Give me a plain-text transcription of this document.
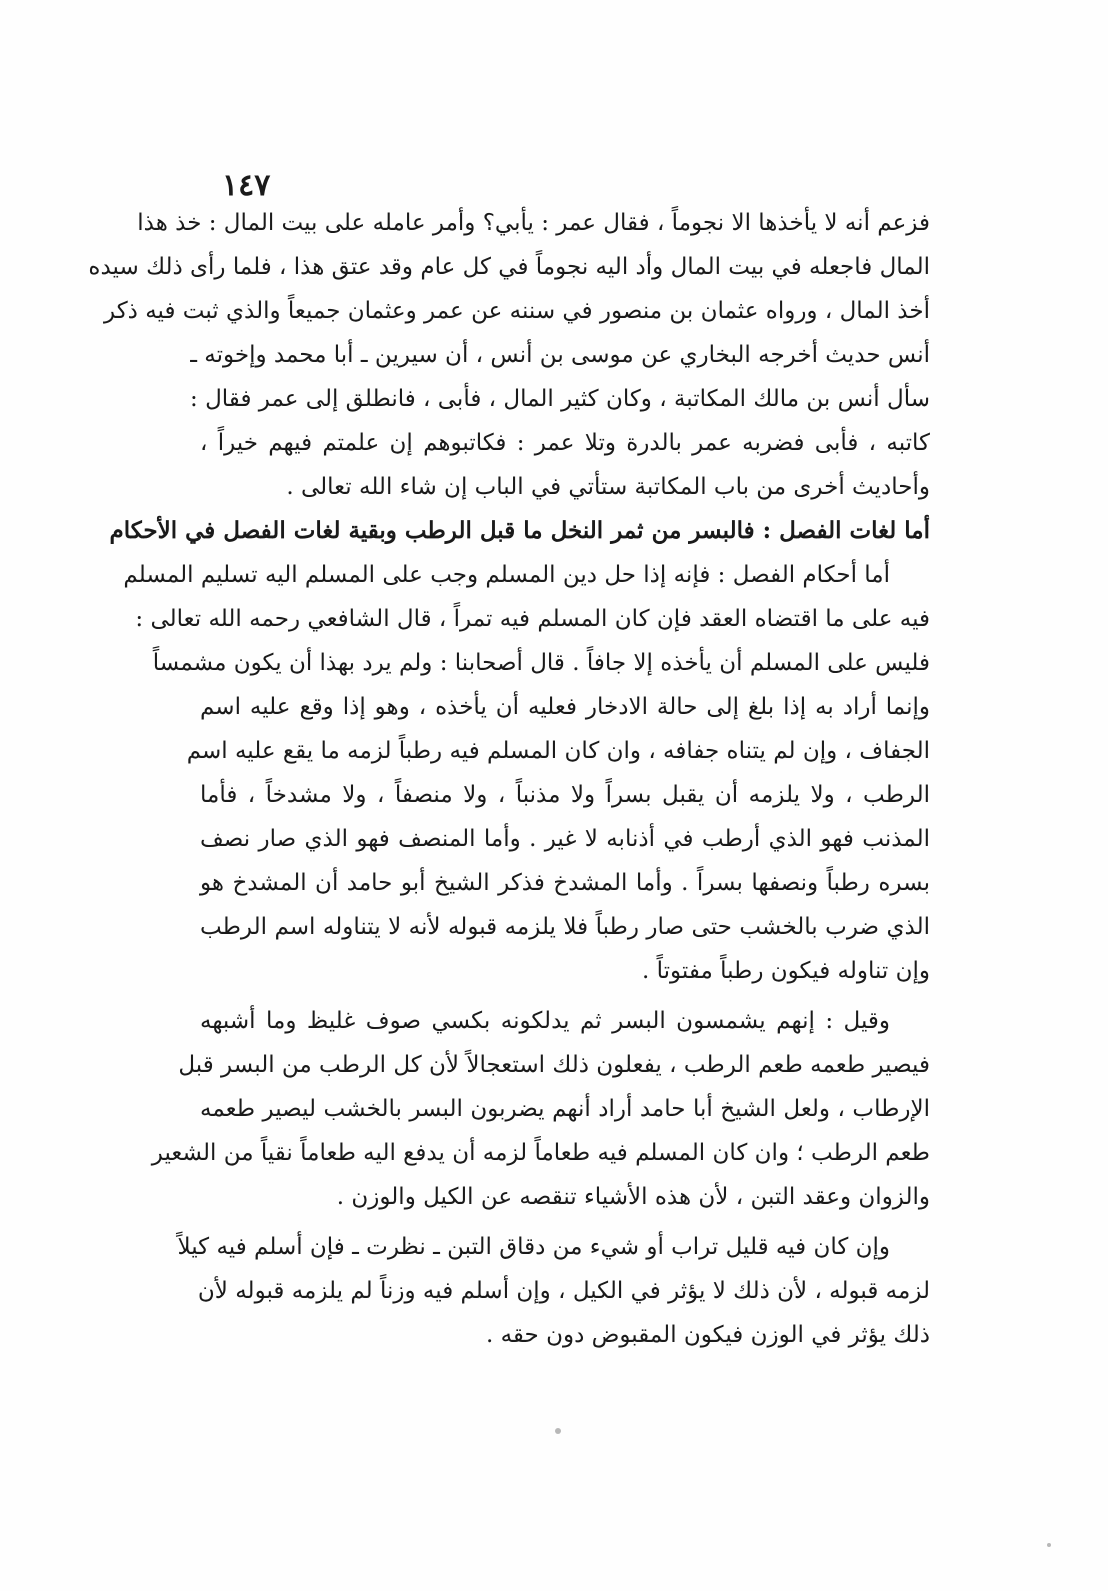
١٤٧
فزعم أنه لا يأخذها الا نجوماً ، فقال عمر : يأبي؟ وأمر عامله على بيت المال : خذ هذا
المال فاجعله في بيت المال وأد اليه نجوماً في كل عام وقد عتق هذا ، فلما رأى ذلك سيده
أخذ المال ، ورواه عثمان بن منصور في سننه عن عمر وعثمان جميعاً والذي ثبت فيه ذكر
أنس حديث أخرجه البخاري عن موسى بن أنس ، أن سيرين ـ أبا محمد وإخوته ـ
سأل أنس بن مالك المكاتبة ، وكان كثير المال ، فأبى ، فانطلق إلى عمر فقال :
كاتبه ، فأبى فضربه عمر بالدرة وتلا عمر : فكاتبوهم إن علمتم فيهم خيراً ،
وأحاديث أخرى من باب المكاتبة ستأتي في الباب إن شاء الله تعالى .
أما لغات الفصل : فالبسر من ثمر النخل ما قبل الرطب وبقية لغات الفصل في الأحكام
أما أحكام الفصل : فإنه إذا حل دين المسلم وجب على المسلم اليه تسليم المسلم
فيه على ما اقتضاه العقد فإن كان المسلم فيه تمراً ، قال الشافعي رحمه الله تعالى :
فليس على المسلم أن يأخذه إلا جافاً . قال أصحابنا : ولم يرد بهذا أن يكون مشمساً
وإنما أراد به إذا بلغ إلى حالة الادخار فعليه أن يأخذه ، وهو إذا وقع عليه اسم
الجفاف ، وإن لم يتناه جفافه ، وان كان المسلم فيه رطباً لزمه ما يقع عليه اسم
الرطب ، ولا يلزمه أن يقبل بسراً ولا مذنباً ، ولا منصفاً ، ولا مشدخاً ، فأما
المذنب فهو الذي أرطب في أذنابه لا غير . وأما المنصف فهو الذي صار نصف
بسره رطباً ونصفها بسراً . وأما المشدخ فذكر الشيخ أبو حامد أن المشدخ هو
الذي ضرب بالخشب حتى صار رطباً فلا يلزمه قبوله لأنه لا يتناوله اسم الرطب
وإن تناوله فيكون رطباً مفتوتاً .
وقيل : إنهم يشمسون البسر ثم يدلكونه بكسي صوف غليظ وما أشبهه
فيصير طعمه طعم الرطب ، يفعلون ذلك استعجالاً لأن كل الرطب من البسر قبل
الإرطاب ، ولعل الشيخ أبا حامد أراد أنهم يضربون البسر بالخشب ليصير طعمه
طعم الرطب ؛ وان كان المسلم فيه طعاماً لزمه أن يدفع اليه طعاماً نقياً من الشعير
والزوان وعقد التبن ، لأن هذه الأشياء تنقصه عن الكيل والوزن .
وإن كان فيه قليل تراب أو شيء من دقاق التبن ـ نظرت ـ فإن أسلم فيه كيلاً
لزمه قبوله ، لأن ذلك لا يؤثر في الكيل ، وإن أسلم فيه وزناً لم يلزمه قبوله لأن
ذلك يؤثر في الوزن فيكون المقبوض دون حقه .
